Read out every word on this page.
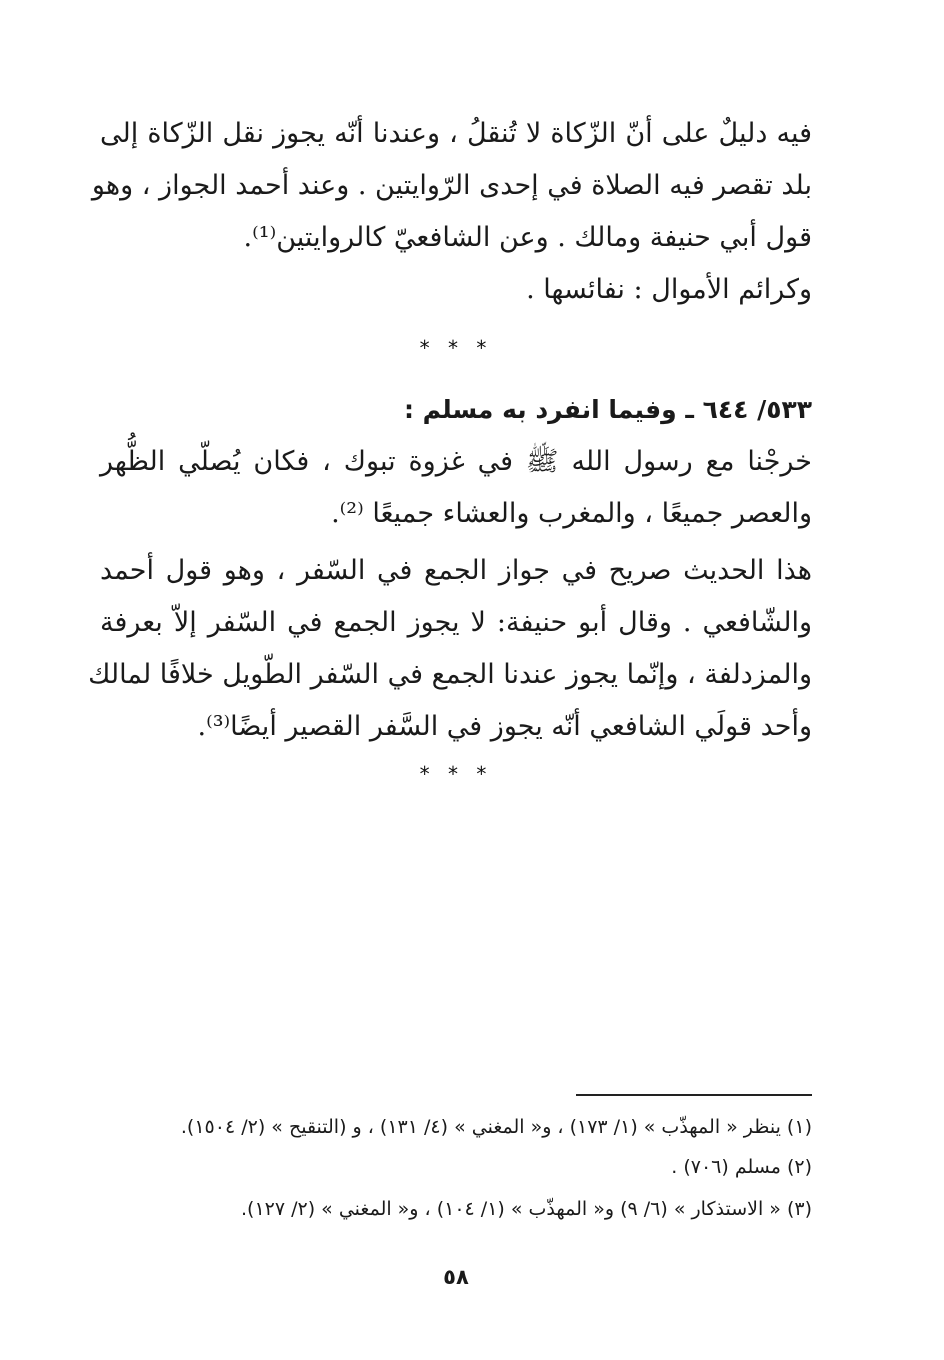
فيه دليلٌ على أنّ الزّكاة لا تُنقلُ ، وعندنا أنّه يجوز نقل الزّكاة إلى
بلد تقصر فيه الصلاة في إحدى الرّوايتين . وعند أحمد الجواز ، وهو
قول أبي حنيفة ومالك . وعن الشافعيّ كالروايتين⁽¹⁾.
وكرائم الأموال : نفائسها .
* * *
٥٣٣/ ٦٤٤ ـ وفيما انفرد به مسلم :
خرجْنا مع رسول الله ﷺ في غزوة تبوك ، فكان يُصلّي الظُّهر
والعصر جميعًا ، والمغرب والعشاء جميعًا ⁽²⁾.
هذا الحديث صريح في جواز الجمع في السّفر ، وهو قول أحمد
والشّافعي . وقال أبو حنيفة: لا يجوز الجمع في السّفر إلاّ بعرفة
والمزدلفة ، وإنّما يجوز عندنا الجمع في السّفر الطّويل خلافًا لمالك
وأحد قولَي الشافعي أنّه يجوز في السَّفر القصير أيضًا⁽³⁾.
* * *
(١) ينظر « المهذّب » (١/ ١٧٣) ، و« المغني » (٤/ ١٣١) ، و (التنقيح » (٢/ ١٥٠٤).
(٢) مسلم (٧٠٦) .
(٣) « الاستذكار » (٦/ ٩) و« المهذّب » (١/ ١٠٤) ، و« المغني » (٢/ ١٢٧).
٥٨
